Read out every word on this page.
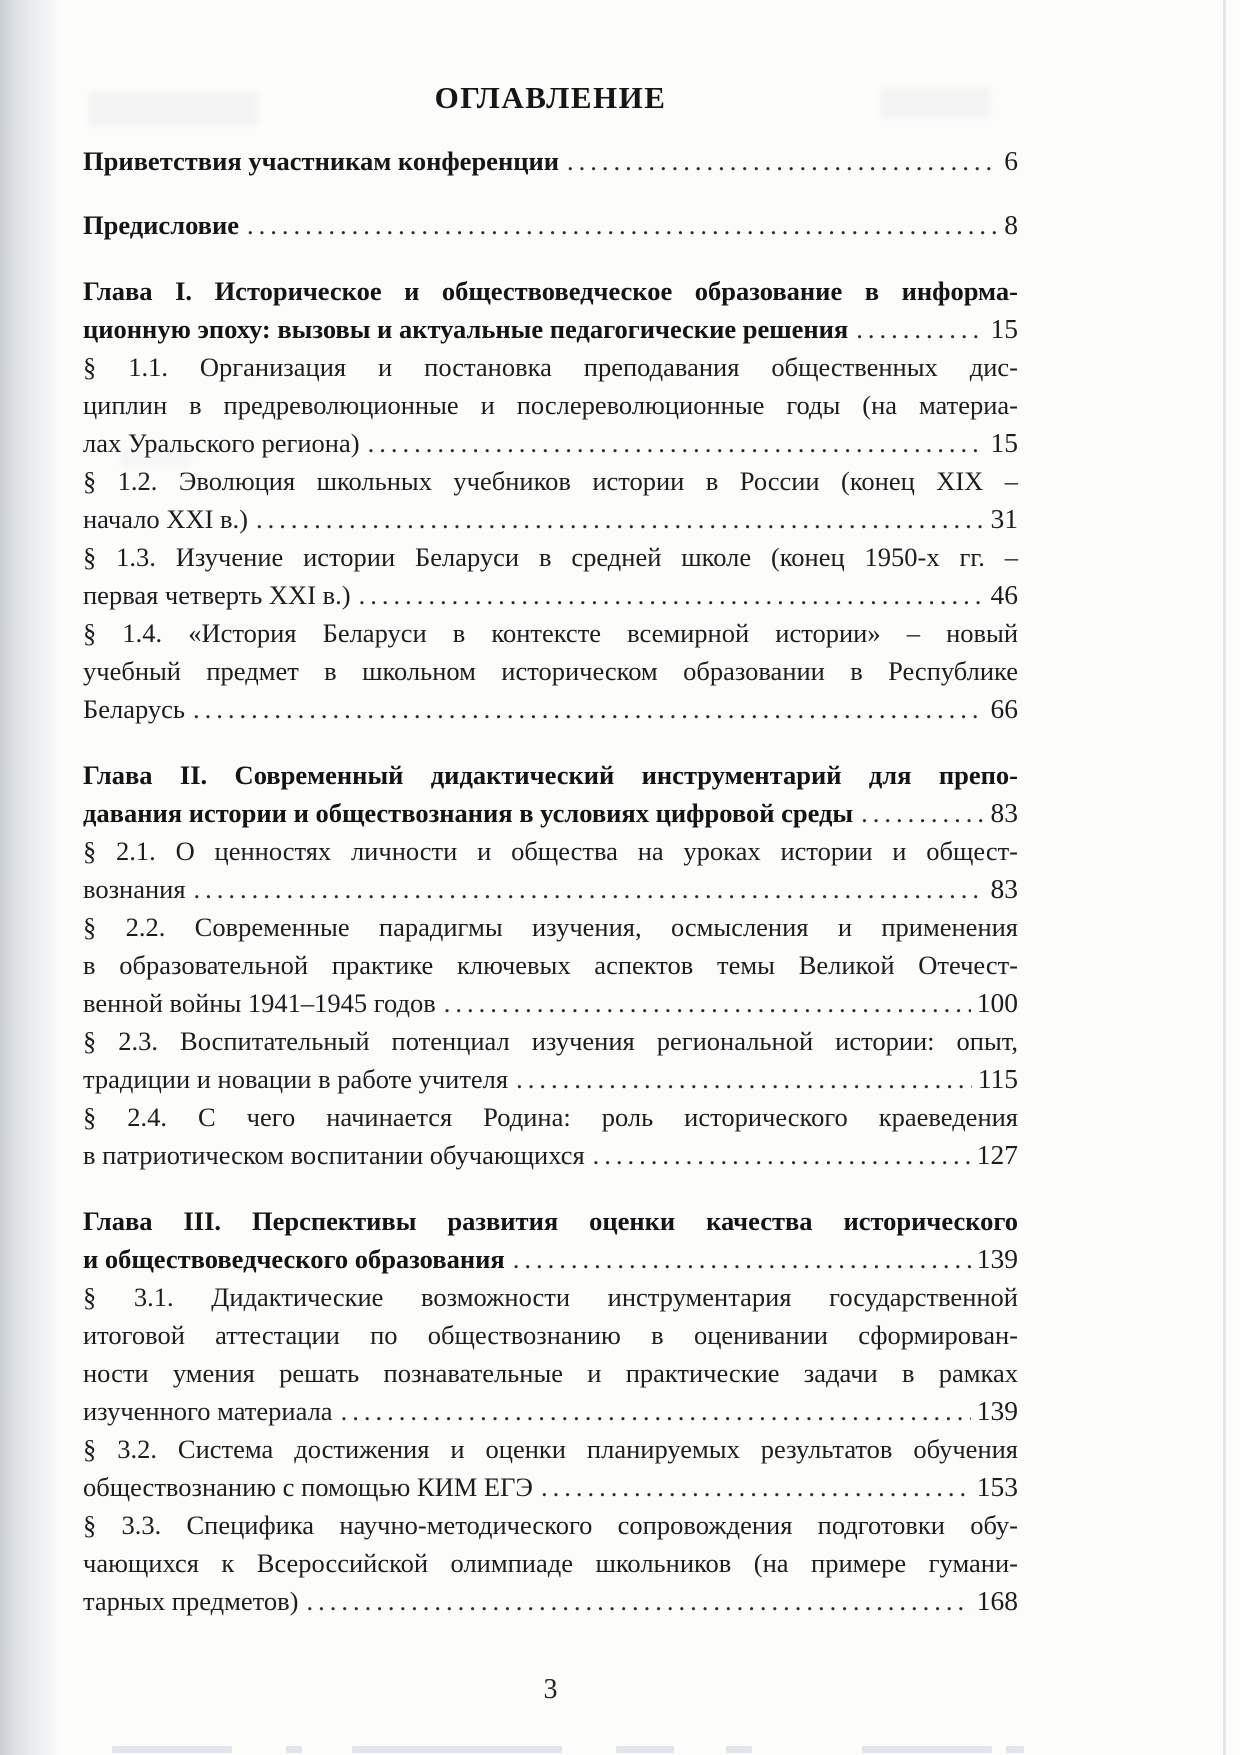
ОГЛАВЛЕНИЕ
Приветствия участникам конференции .....	6
Предисловие .....	8
Глава I. Историческое и обществоведческое образование в информа-
ционную эпоху: вызовы и актуальные педагогические решения .....	15
§ 1.1. Организация и постановка преподавания общественных дис-
циплин в предреволюционные и послереволюционные годы (на материа-
лах Уральского региона) .....	15
§ 1.2. Эволюция школьных учебников истории в России (конец XIX –
начало XXI в.) .....	31
§ 1.3. Изучение истории Беларуси в средней школе (конец 1950-х гг. –
первая четверть XXI в.) .....	46
§ 1.4. «История Беларуси в контексте всемирной истории» – новый
учебный предмет в школьном историческом образовании в Республике
Беларусь .....	66
Глава II. Современный дидактический инструментарий для препо-
давания истории и обществознания в условиях цифровой среды .....	83
§ 2.1. О ценностях личности и общества на уроках истории и общест-
вознания .....	83
§ 2.2. Современные парадигмы изучения, осмысления и применения
в образовательной практике ключевых аспектов темы Великой Отечест-
венной войны 1941–1945 годов .....	100
§ 2.3. Воспитательный потенциал изучения региональной истории: опыт,
традиции и новации в работе учителя .....	115
§ 2.4. С чего начинается Родина: роль исторического краеведения
в патриотическом воспитании обучающихся .....	127
Глава III. Перспективы развития оценки качества исторического
и обществоведческого образования .....	139
§ 3.1. Дидактические возможности инструментария государственной
итоговой аттестации по обществознанию в оценивании сформирован-
ности умения решать познавательные и практические задачи в рамках
изученного материала .....	139
§ 3.2. Система достижения и оценки планируемых результатов обучения
обществознанию с помощью КИМ ЕГЭ .....	153
§ 3.3. Специфика научно-методического сопровождения подготовки обу-
чающихся к Всероссийской олимпиаде школьников (на примере гумани-
тарных предметов) .....	168
3
